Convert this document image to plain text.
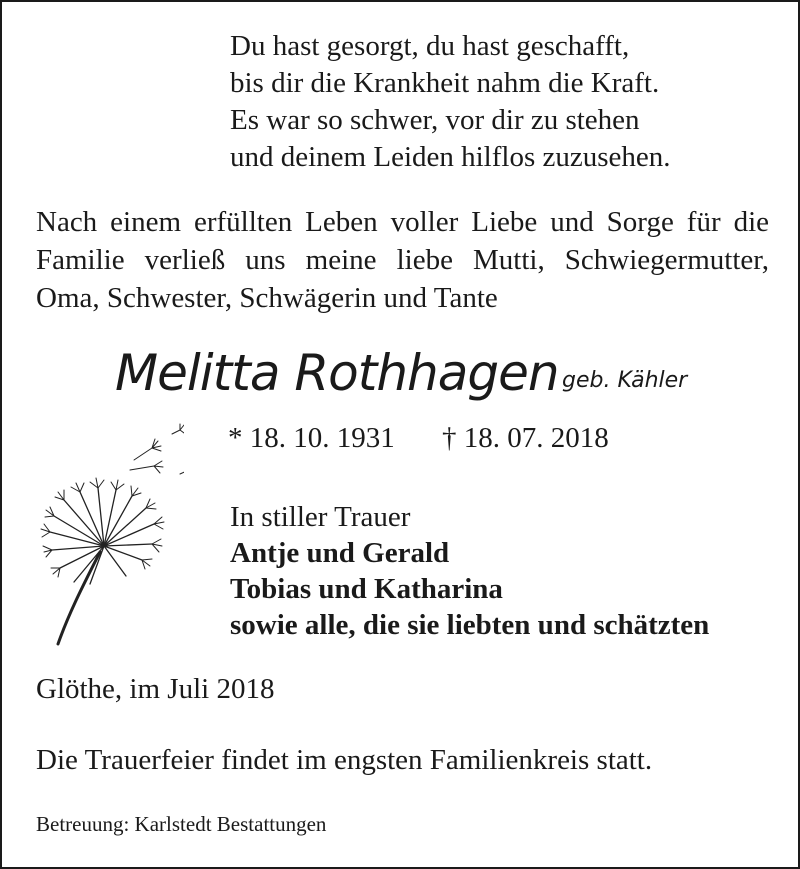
Du hast gesorgt, du hast geschafft,
bis dir die Krankheit nahm die Kraft.
Es war so schwer, vor dir zu stehen
und deinem Leiden hilflos zuzusehen.
Nach einem erfüllten Leben voller Liebe und Sorge für die
Familie verließ uns meine liebe Mutti, Schwiegermutter,
Oma, Schwester, Schwägerin und Tante
Melitta Rothhagen geb. Kähler
* 18. 10. 1931 † 18. 07. 2018
In stiller Trauer
Antje und Gerald
Tobias und Katharina
sowie alle, die sie liebten und schätzten
Glöthe, im Juli 2018
Die Trauerfeier findet im engsten Familienkreis statt.
Betreuung: Karlstedt Bestattungen
